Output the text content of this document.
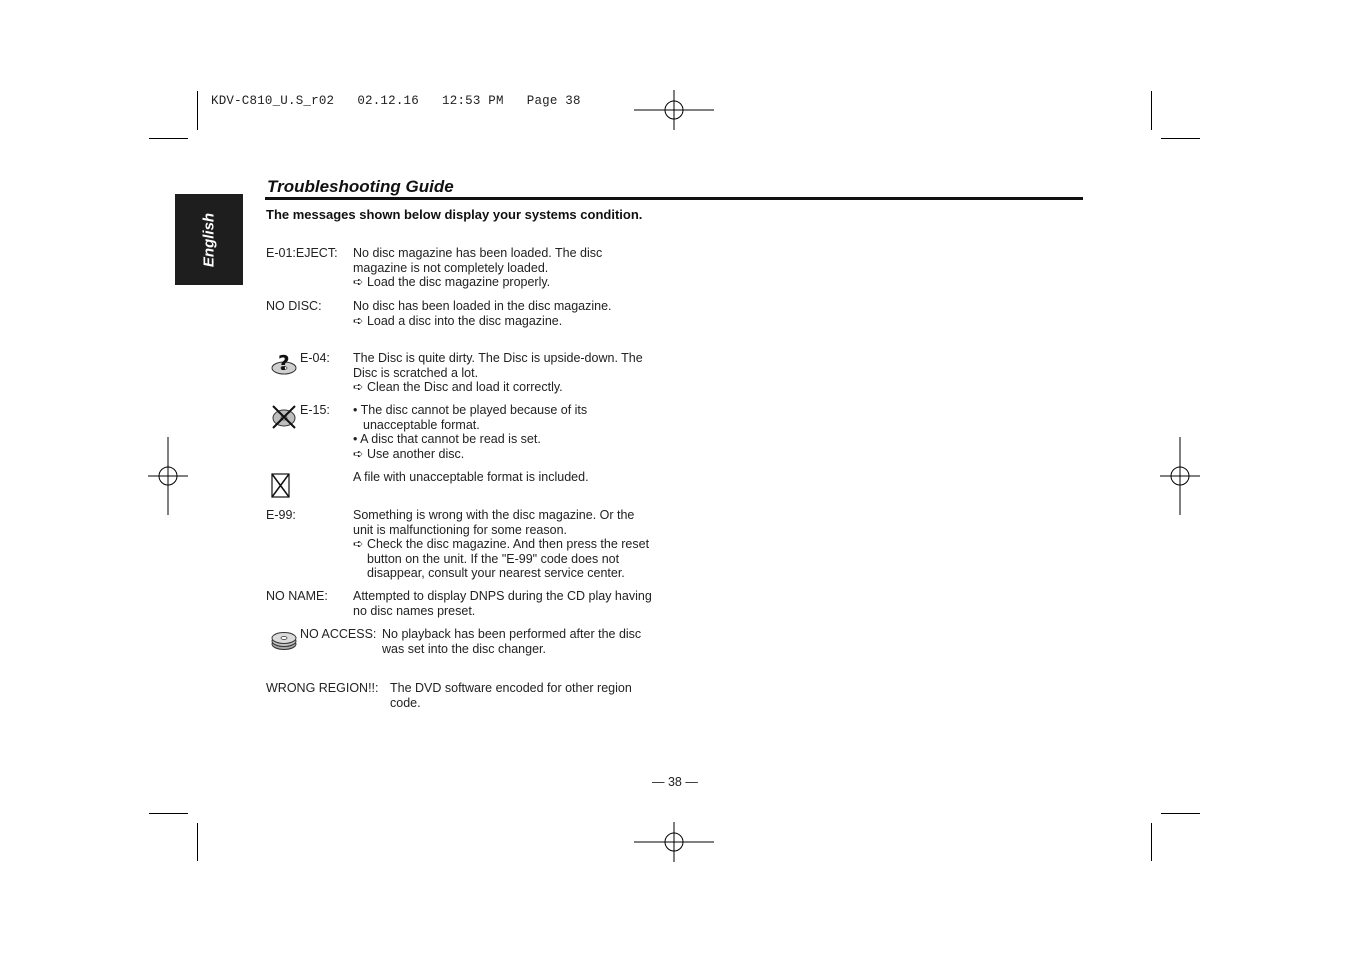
KDV-C810_U.S_r02   02.12.16   12:53 PM   Page 38
English
Troubleshooting Guide
The messages shown below display your systems condition.
E-01:EJECT: No disc magazine has been loaded. The disc

magazine is not completely loaded.

➪ Load the disc magazine properly.

NO DISC:	No disc has been loaded in the disc magazine.

➪ Load a disc into the disc magazine.

? E-04: The Disc is quite dirty. The Disc is upside-down. The

Disc is scratched a lot.

➪ Clean the Disc and load it correctly.

E-15: • The disc cannot be played because of its unacceptable format.

• A disc that cannot be read is set.

➪ Use another disc.

A file with unacceptable format is included.

E-99:	Something is wrong with the disc magazine. Or the

unit is malfunctioning for some reason.

➪ Check the disc magazine. And then press the reset button on the unit. If the "E-99" code does not disappear, consult your nearest service center.

NO NAME: Attempted to display DNPS during the CD play having

no disc names preset.

NO ACCESS: No playback has been performed after the disc

was set into the disc changer.

WRONG REGION!!: The DVD software encoded for other region

code.

— 38 —
